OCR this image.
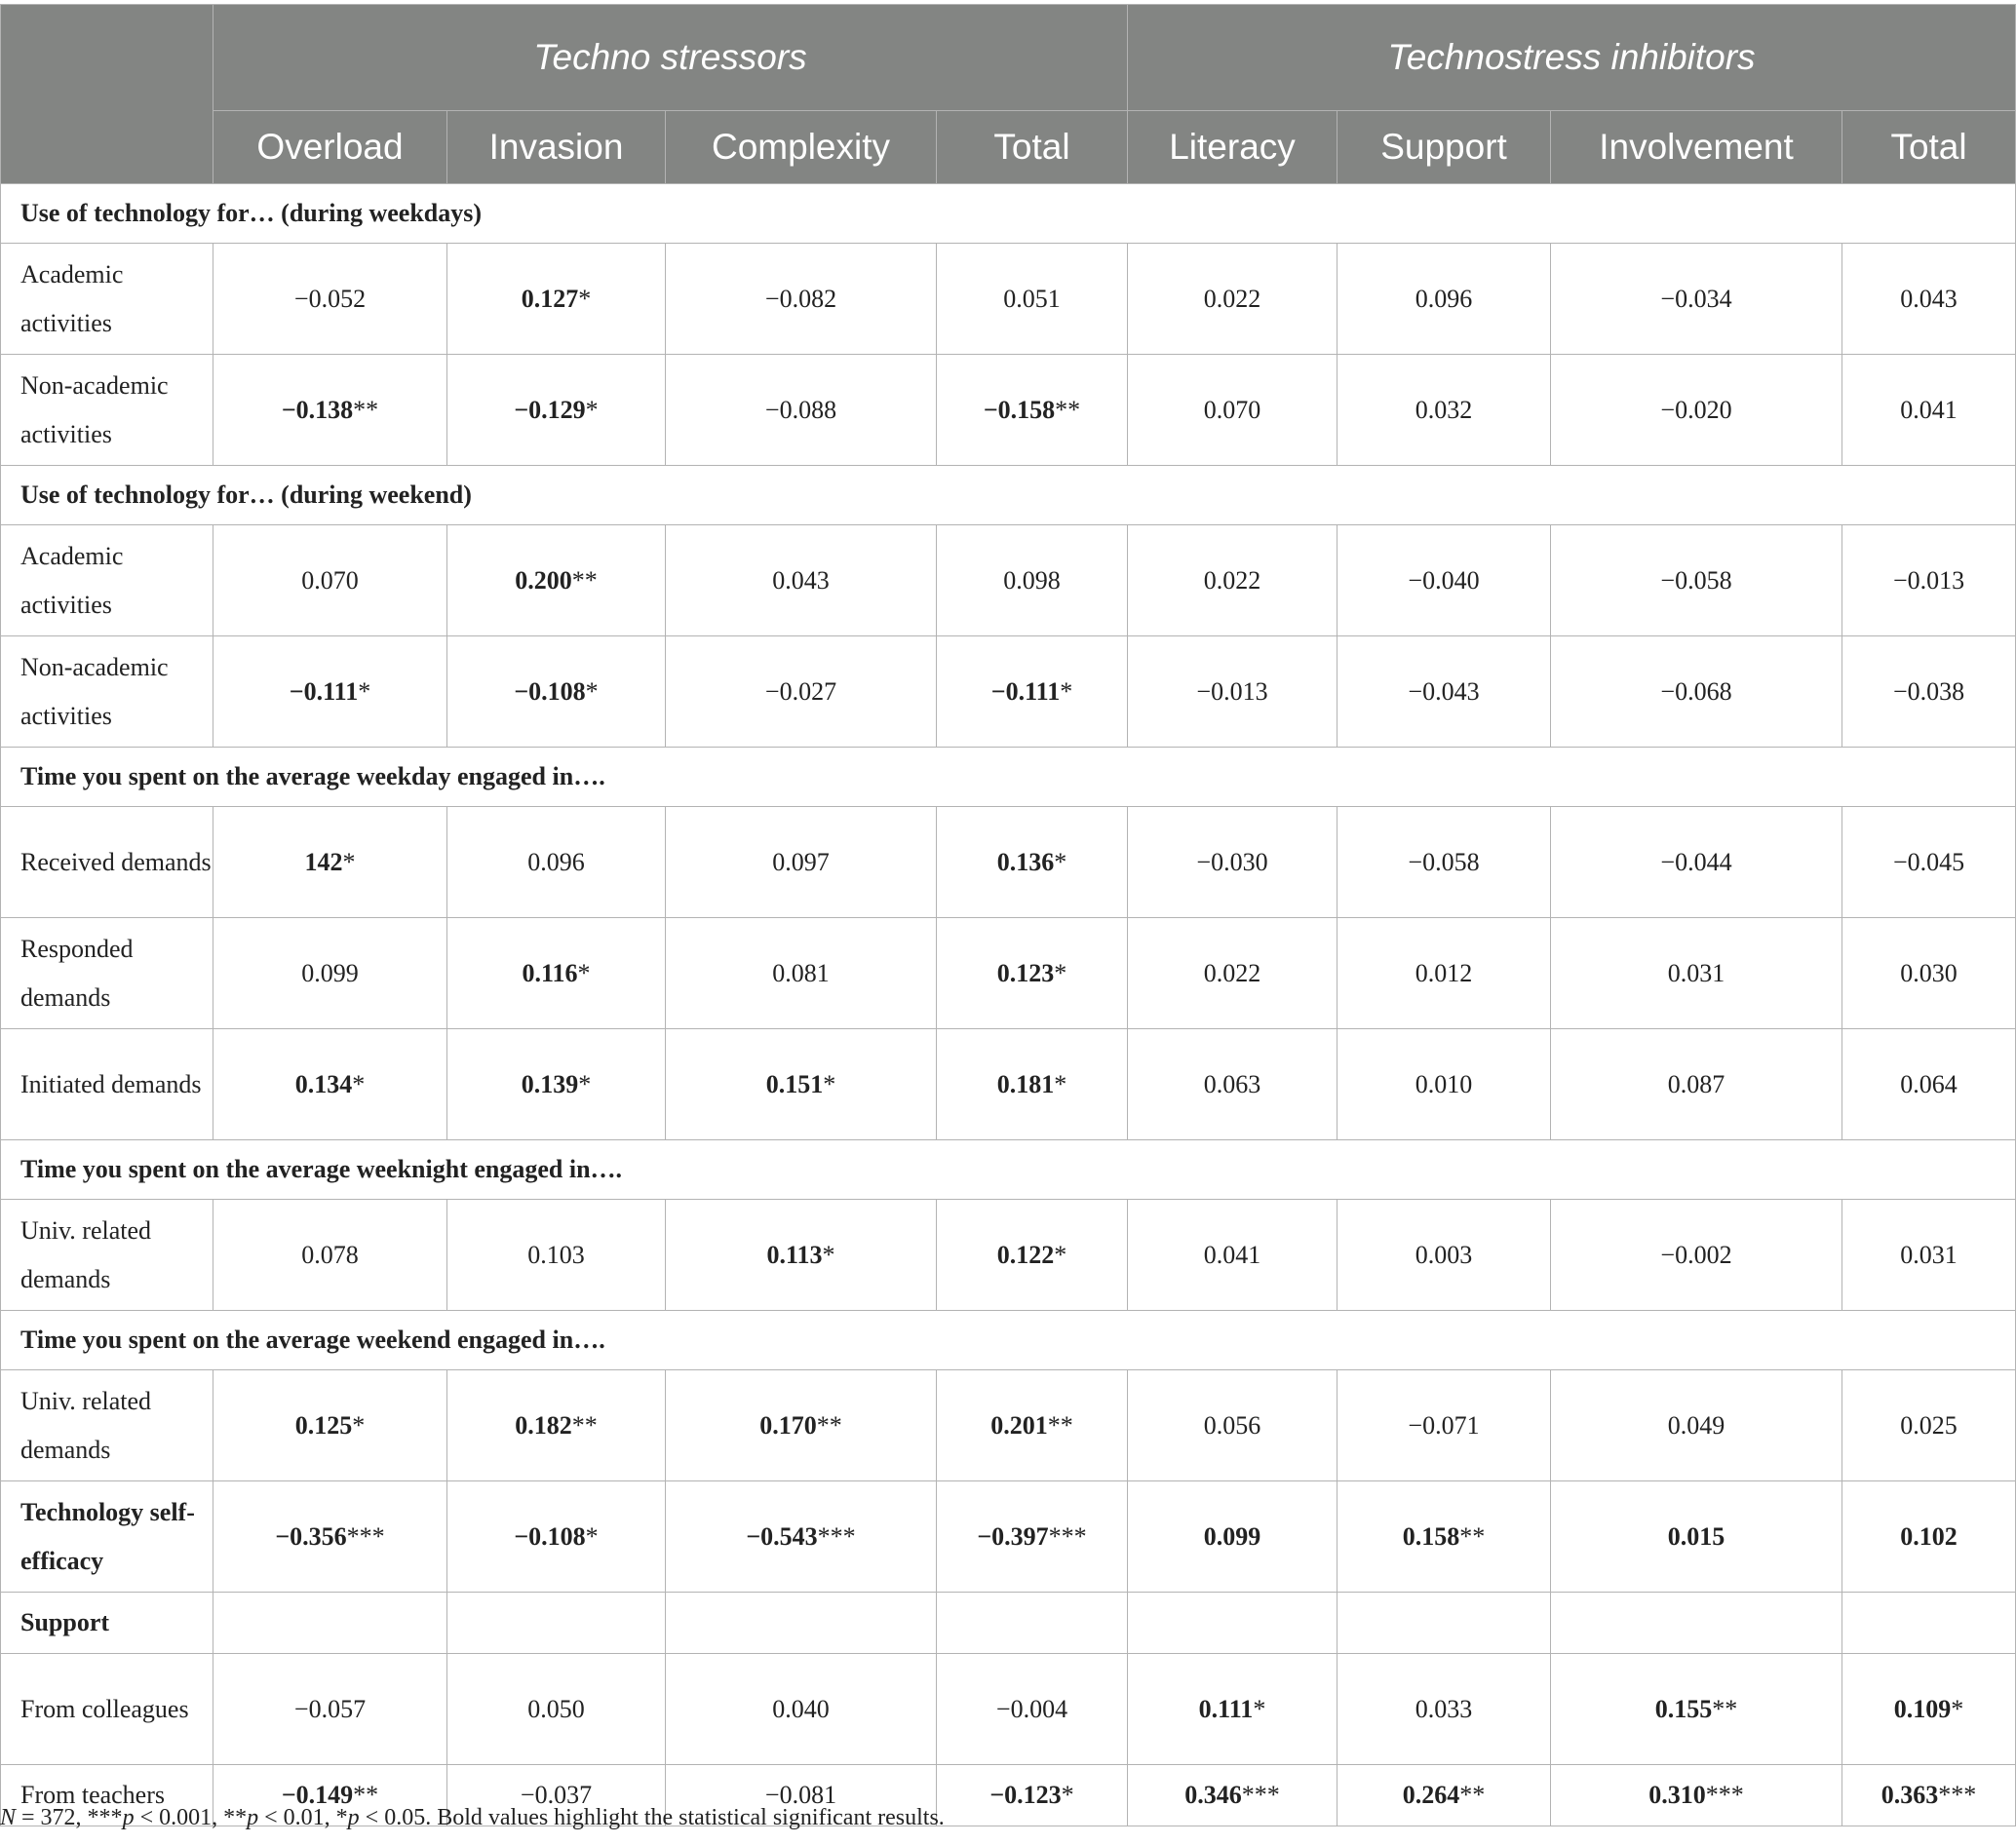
	Techno stressors				Technostress inhibitors			
	Overload	Invasion	Complexity	Total	Literacy	Support	Involvement	Total
Use of technology for… (during weekdays)								
Academic activities	−0.052	0.127*	−0.082	0.051	0.022	0.096	−0.034	0.043
Non-academic activities	−0.138**	−0.129*	−0.088	−0.158**	0.070	0.032	−0.020	0.041
Use of technology for… (during weekend)								
Academic activities	0.070	0.200**	0.043	0.098	0.022	−0.040	−0.058	−0.013
Non-academic activities	−0.111*	−0.108*	−0.027	−0.111*	−0.013	−0.043	−0.068	−0.038
Time you spent on the average weekday engaged in….								
Received demands	142*	0.096	0.097	0.136*	−0.030	−0.058	−0.044	−0.045
Responded demands	0.099	0.116*	0.081	0.123*	0.022	0.012	0.031	0.030
Initiated demands	0.134*	0.139*	0.151*	0.181*	0.063	0.010	0.087	0.064
Time you spent on the average weeknight engaged in….								
Univ. related demands	0.078	0.103	0.113*	0.122*	0.041	0.003	−0.002	0.031
Time you spent on the average weekend engaged in….								
Univ. related demands	0.125*	0.182**	0.170**	0.201**	0.056	−0.071	0.049	0.025
Technology self-efficacy	−0.356***	−0.108*	−0.543***	−0.397***	0.099	0.158**	0.015	0.102
Support								
From colleagues	−0.057	0.050	0.040	−0.004	0.111*	0.033	0.155**	0.109*
From teachers	−0.149**	−0.037	−0.081	−0.123*	0.346***	0.264**	0.310***	0.363***
N = 372, ***p < 0.001, **p < 0.01, *p < 0.05. Bold values highlight the statistical significant results.
